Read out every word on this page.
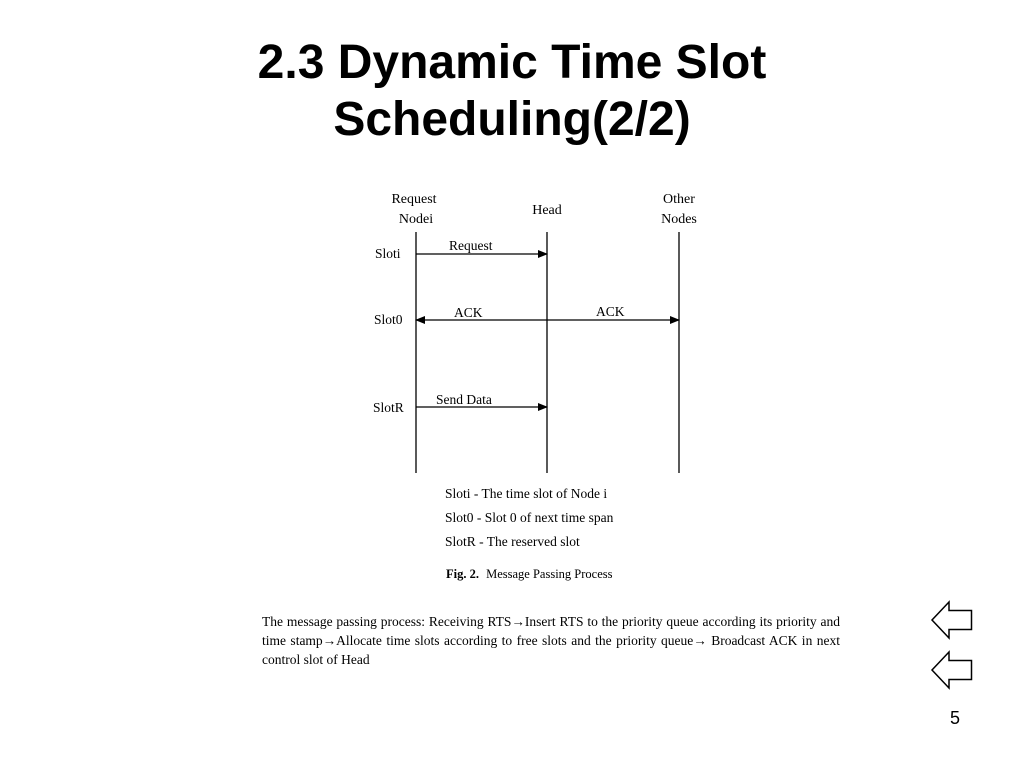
2.3 Dynamic Time Slot
Scheduling(2/2)
Request
Nodei
Head
Other
Nodes
Sloti
Slot0
SlotR
Request
ACK	ACK
Send Data
Sloti - The time slot of Node i
Slot0 - Slot 0 of next time span
SlotR - The reserved slot
Fig. 2. Message Passing Process
The message passing process: Receiving RTS→Insert RTS to the priority queue according its priority and time stamp→Allocate time slots according to free slots and the priority queue→ Broadcast ACK in next control slot of Head
5
